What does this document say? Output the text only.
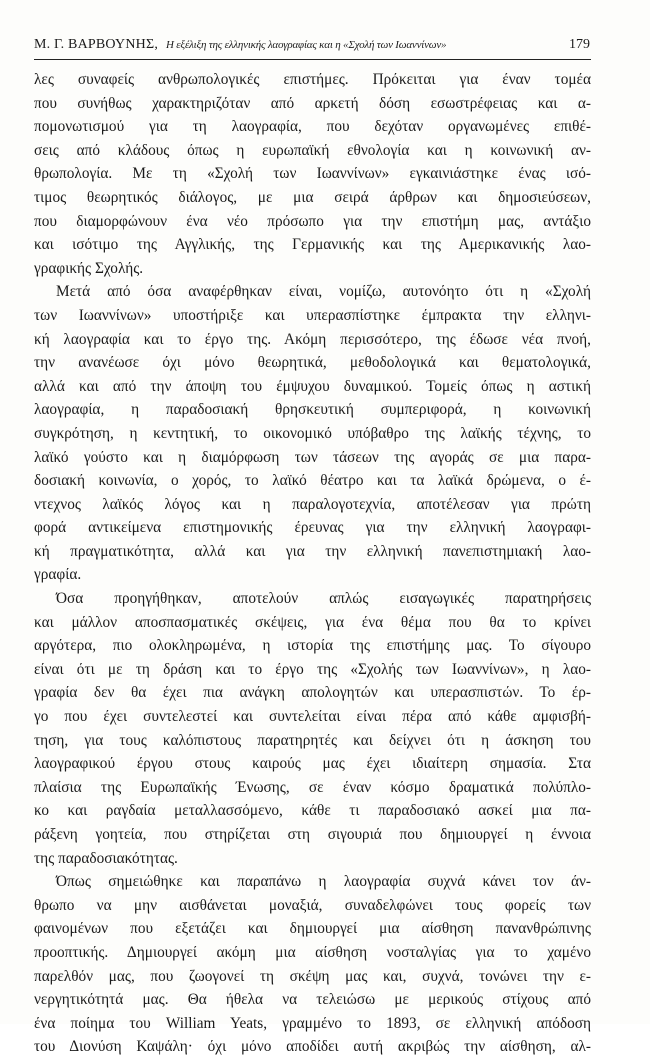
Μ. Γ. ΒΑΡΒΟΥΝΗΣ, Η εξέλιξη της ελληνικής λαογραφίας και η «Σχολή των Ιωαννίνων»	179

λες συναφείς ανθρωπολογικές επιστήμες. Πρόκειται για έναν τομέα
που συνήθως χαρακτηριζόταν από αρκετή δόση εσωστρέφειας και α-
πομονωτισμού για τη λαογραφία, που δεχόταν οργανωμένες επιθέ-
σεις από κλάδους όπως η ευρωπαϊκή εθνολογία και η κοινωνική αν-
θρωπολογία. Με τη «Σχολή των Ιωαννίνων» εγκαινιάστηκε ένας ισό-
τιμος θεωρητικός διάλογος, με μια σειρά άρθρων και δημοσιεύσεων,
που διαμορφώνουν ένα νέο πρόσωπο για την επιστήμη μας, αντάξιο
και ισότιμο της Αγγλικής, της Γερμανικής και της Αμερικανικής λαο-
γραφικής Σχολής.

Μετά από όσα αναφέρθηκαν είναι, νομίζω, αυτονόητο ότι η «Σχολή
των Ιωαννίνων» υποστήριξε και υπερασπίστηκε έμπρακτα την ελληνι-
κή λαογραφία και το έργο της. Ακόμη περισσότερο, της έδωσε νέα πνοή,
την ανανέωσε όχι μόνο θεωρητικά, μεθοδολογικά και θεματολογικά,
αλλά και από την άποψη του έμψυχου δυναμικού. Τομείς όπως η αστική
λαογραφία, η παραδοσιακή θρησκευτική συμπεριφορά, η κοινωνική
συγκρότηση, η κεντητική, το οικονομικό υπόβαθρο της λαϊκής τέχνης, το
λαϊκό γούστο και η διαμόρφωση των τάσεων της αγοράς σε μια παρα-
δοσιακή κοινωνία, ο χορός, το λαϊκό θέατρο και τα λαϊκά δρώμενα, ο έ-
ντεχνος λαϊκός λόγος και η παραλογοτεχνία, αποτέλεσαν για πρώτη
φορά αντικείμενα επιστημονικής έρευνας για την ελληνική λαογραφι-
κή πραγματικότητα, αλλά και για την ελληνική πανεπιστημιακή λαο-
γραφία.

Όσα προηγήθηκαν, αποτελούν απλώς εισαγωγικές παρατηρήσεις
και μάλλον αποσπασματικές σκέψεις, για ένα θέμα που θα το κρίνει
αργότερα, πιο ολοκληρωμένα, η ιστορία της επιστήμης μας. Το σίγουρο
είναι ότι με τη δράση και το έργο της «Σχολής των Ιωαννίνων», η λαο-
γραφία δεν θα έχει πια ανάγκη απολογητών και υπερασπιστών. Το έρ-
γο που έχει συντελεστεί και συντελείται είναι πέρα από κάθε αμφισβή-
τηση, για τους καλόπιστους παρατηρητές και δείχνει ότι η άσκηση του
λαογραφικού έργου στους καιρούς μας έχει ιδιαίτερη σημασία. Στα
πλαίσια της Ευρωπαϊκής Ένωσης, σε έναν κόσμο δραματικά πολύπλο-
κο και ραγδαία μεταλλασσόμενο, κάθε τι παραδοσιακό ασκεί μια πα-
ράξενη γοητεία, που στηρίζεται στη σιγουριά που δημιουργεί η έννοια
της παραδοσιακότητας.

Όπως σημειώθηκε και παραπάνω η λαογραφία συχνά κάνει τον άν-
θρωπο να μην αισθάνεται μοναξιά, συναδελφώνει τους φορείς των
φαινομένων που εξετάζει και δημιουργεί μια αίσθηση πανανθρώπινης
προοπτικής. Δημιουργεί ακόμη μια αίσθηση νοσταλγίας για το χαμένο
παρελθόν μας, που ζωογονεί τη σκέψη μας και, συχνά, τονώνει την ε-
νεργητικότητά μας. Θα ήθελα να τελειώσω με μερικούς στίχους από
ένα ποίημα του William Yeats, γραμμένο το 1893, σε ελληνική απόδοση
του Διονύση Καψάλη· όχι μόνο αποδίδει αυτή ακριβώς την αίσθηση, αλ-
